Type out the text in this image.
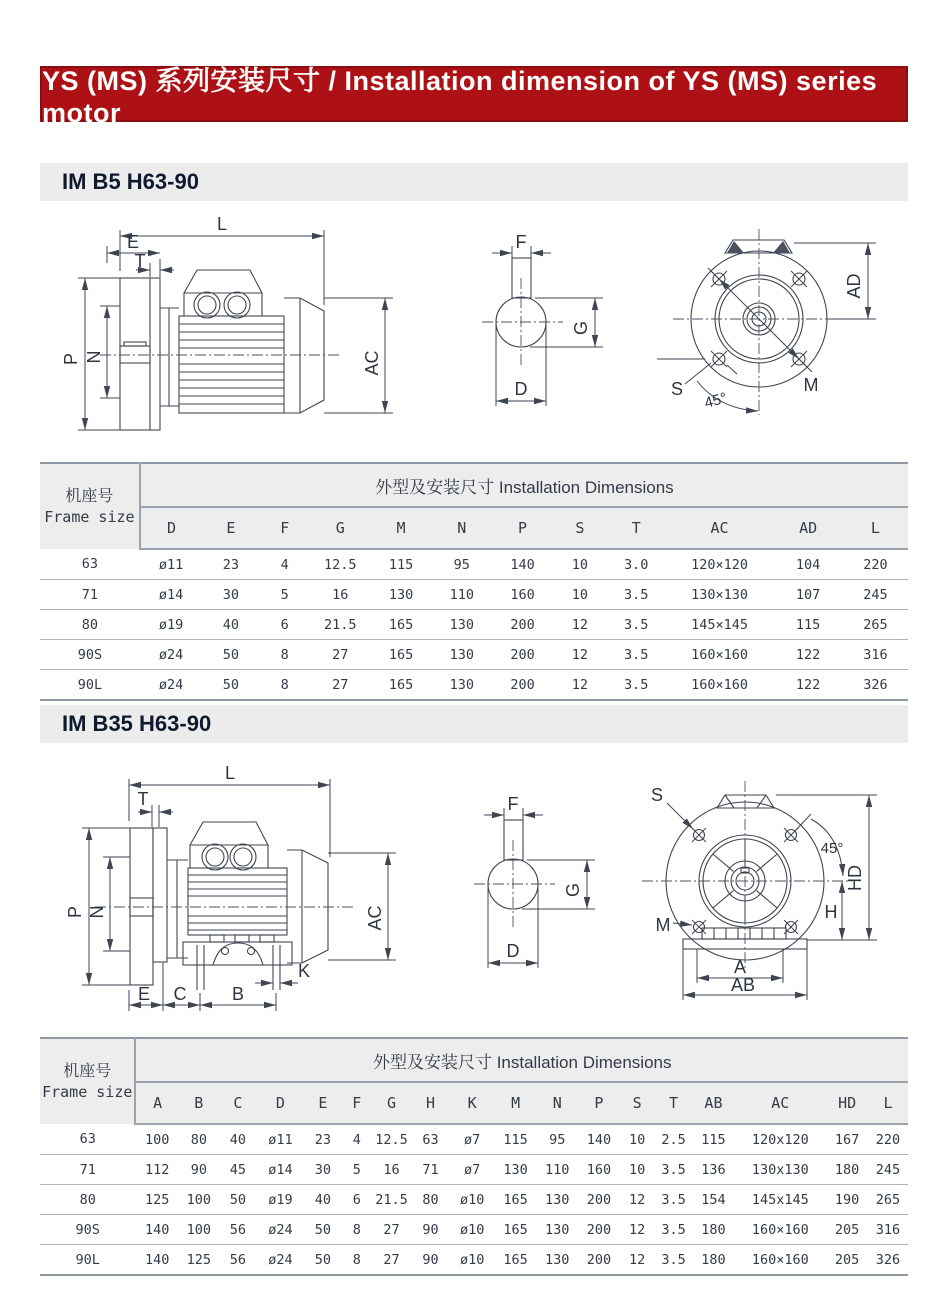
YS (MS) 系列安装尺寸 / Installation dimension of YS (MS) series motor
IM B5 H63-90
L
E
T
P N	AC
F
G
D
AD
S	M
45°
机座号
Frame size	外型及安装尺寸 Installation Dimensions											
	D	E	F	G	M	N	P	S	T	AC	AD	L
63	ø11	23	4	12.5	115	95	140	10	3.0	120×120	104	220
71	ø14	30	5	16	130	110	160	10	3.5	130×130	107	245
80	ø19	40	6	21.5	165	130	200	12	3.5	145×145	115	265
90S	ø24	50	8	27	165	130	200	12	3.5	160×160	122	316
90L	ø24	50	8	27	165	130	200	12	3.5	160×160	122	326
IM B35 H63-90
L
T
P N	AC
K
E C	B
F
G
D
S
M
45°
HD
H
A
AB
机座号
Frame size	外型及安装尺寸 Installation Dimensions																	
	A	B	C	D	E	F	G	H	K	M	N	P	S	T	AB	AC	HD	L
63	100	80	40	ø11	23	4	12.5	63	ø7	115	95	140	10	2.5	115	120x120	167	220
71	112	90	45	ø14	30	5	16	71	ø7	130	110	160	10	3.5	136	130x130	180	245
80	125	100	50	ø19	40	6	21.5	80	ø10	165	130	200	12	3.5	154	145x145	190	265
90S	140	100	56	ø24	50	8	27	90	ø10	165	130	200	12	3.5	180	160×160	205	316
90L	140	125	56	ø24	50	8	27	90	ø10	165	130	200	12	3.5	180	160×160	205	326
